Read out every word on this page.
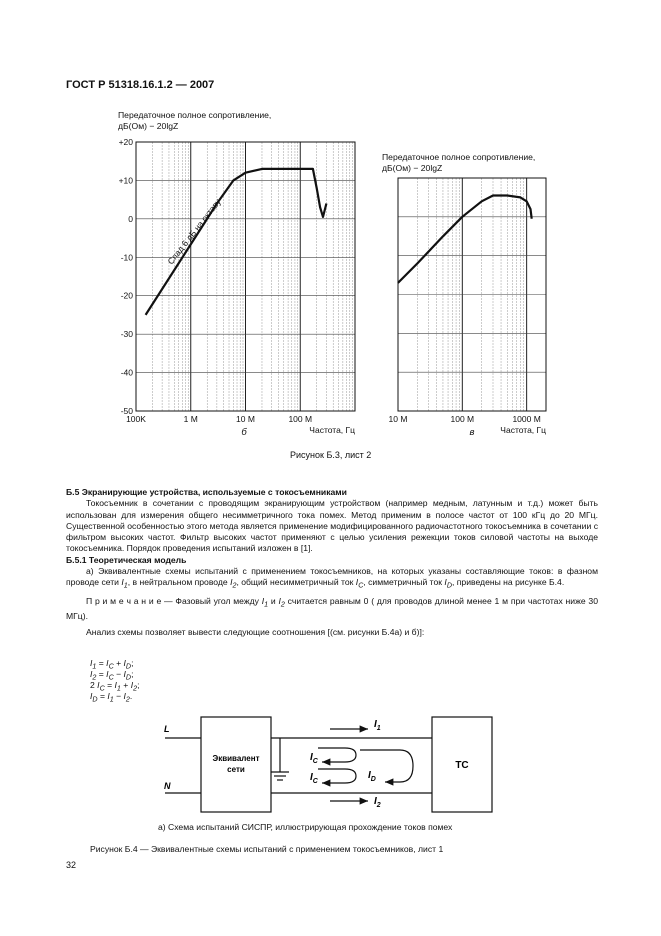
ГОСТ Р 51318.16.1.2 — 2007
Передаточное полное сопротивление,
дБ(Ом) − 20lgZ
Передаточное полное сопротивление,
дБ(Ом) − 20lgZ
+20
+10
0
-10
-20
-30
-40
-50
100K	1 M	10 M	100 M
Частота, Гц
б
Спад 6 дБ на октаву
10 M	100 M	1000 M
Частота, Гц
в
Рисунок Б.3, лист 2

Б.5 Экранирующие устройства, используемые с токосъемниками

Токосъемник в сочетании с проводящим экранирующим устройством (например медным, латунным и т.д.) может быть использован для измерения общего несимметричного тока помех. Метод применим в полосе частот от 100 кГц до 20 МГц. Существенной особенностью этого метода является применение модифицированного радиочастотного токосъемника в сочетании с фильтром высоких частот. Фильтр высоких частот применяют с целью усиления режекции токов силовой частоты на выходе токосъемника. Порядок проведения испытаний изложен в [1].

Б.5.1 Теоретическая модель

а) Эквивалентные схемы испытаний с применением токосъемников, на которых указаны составляющие токов: в фазном проводе сети $I_1$, в нейтральном проводе $I_2$, общий несимметричный ток $I_C$, симметричный ток $I_D$, приведены на рисунке Б.4.

П р и м е ч а н и е — Фазовый угол между $I_1$ и $I_2$ считается равным 0 ( для проводов длиной менее 1 м при частотах ниже 30 МГц).

Анализ схемы позволяет вывести следующие соотношения [(см. рисунки Б.4а) и б)]:

$I_1 = I_C + I_D$;
$I_2 = I_C - I_D$;
2 $I_C = I_1 + I_2$;
$I_D = I_1 - I_2$.
L
N
Эквивалент
сети	ТС
$I_1$
$I_2$
$I_C$
$I_C$
$I_D$
а) Схема испытаний СИСПР, иллюстрирующая прохождение токов помех
Рисунок Б.4 — Эквивалентные схемы испытаний с применением токосъемников, лист 1
32
